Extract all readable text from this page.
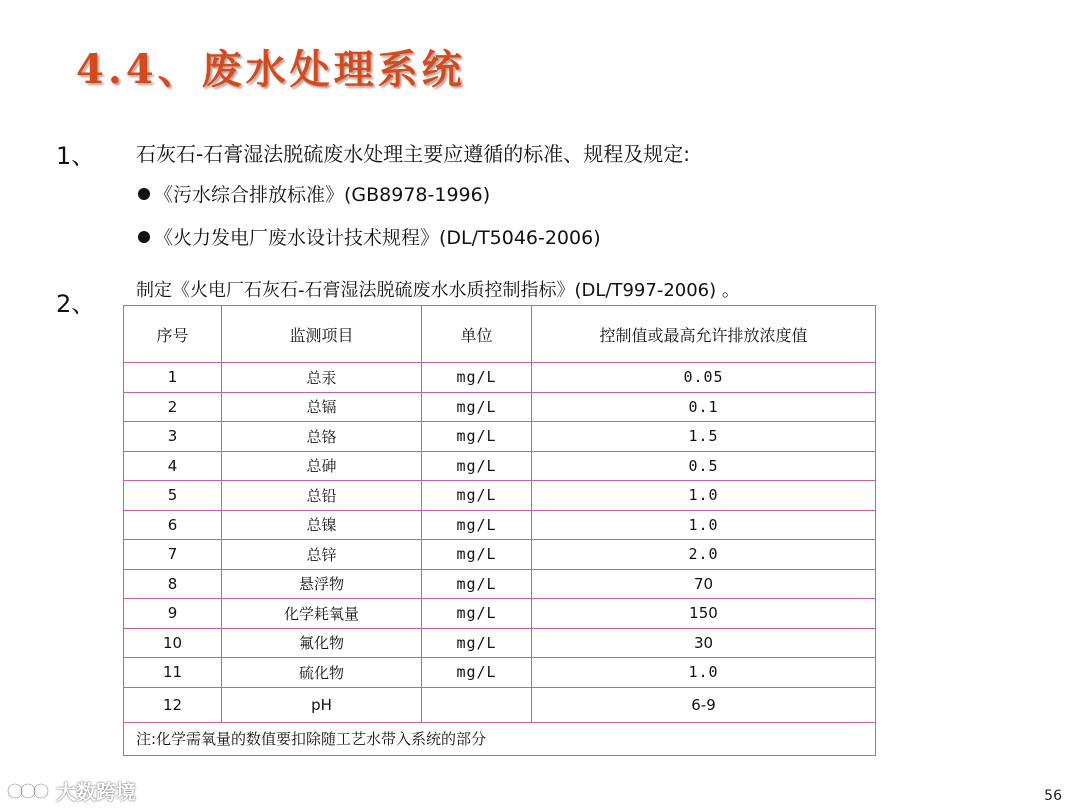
4.4、废水处理系统
1、 石灰石-石膏湿法脱硫废水处理主要应遵循的标准、规程及规定:
《污水综合排放标准》(GB8978-1996)
《火力发电厂废水设计技术规程》(DL/T5046-2006)
2、 制定《火电厂石灰石-石膏湿法脱硫废水水质控制指标》(DL/T997-2006) 。
序号	监测项目	单位	控制值或最高允许排放浓度值
1	总汞	mg/L	0.05
2	总镉	mg/L	0.1
3	总铬	mg/L	1.5
4	总砷	mg/L	0.5
5	总铅	mg/L	1.0
6	总镍	mg/L	1.0
7	总锌	mg/L	2.0
8	悬浮物	mg/L	70
9	化学耗氧量	mg/L	150
10	氟化物	mg/L	30
11	硫化物	mg/L	1.0
12	pH		6-9
注:化学需氧量的数值要扣除随工艺水带入系统的部分			
大数跨境	56
